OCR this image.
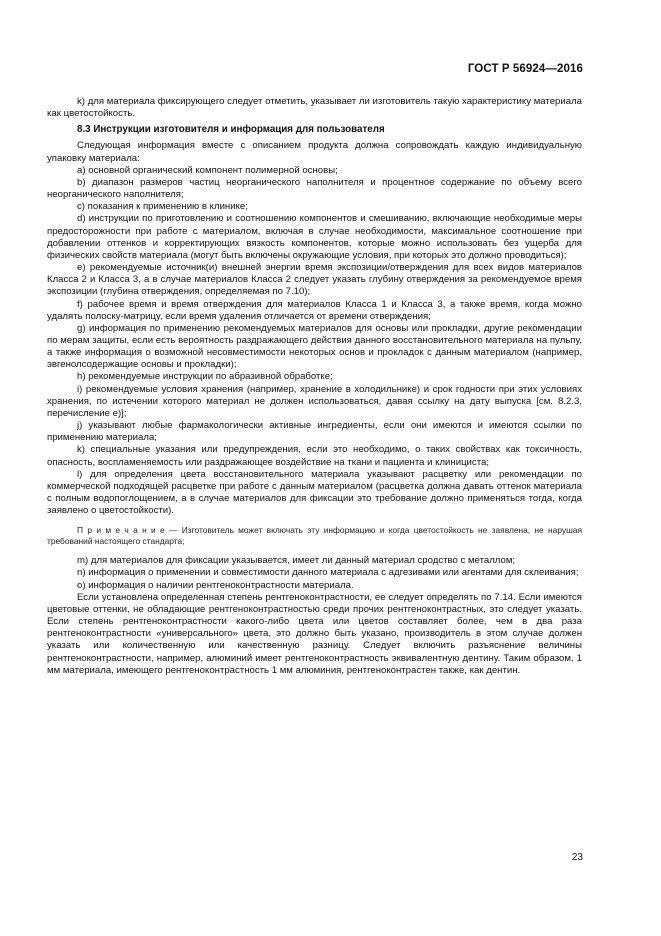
ГОСТ Р 56924—2016

k) для материала фиксирующего следует отметить, указывает ли изготовитель такую характеристику материала как цветостойкость.

8.3 Инструкции изготовителя и информация для пользователя

Следующая информация вместе с описанием продукта должна сопровождать каждую индивидуальную упаковку материала:

a) основной органический компонент полимерной основы;

b) диапазон размеров частиц неорганического наполнителя и процентное содержание по объему всего неорганического наполнителя;

c) показания к применению в клинике;

d) инструкции по приготовлению и соотношению компонентов и смешиванию, включающие необходимые меры предосторожности при работе с материалом, включая в случае необходимости, максимальное соотношение при добавлении оттенков и корректирующих вязкость компонентов, которые можно использовать без ущерба для физических свойств материала (могут быть включены окружающие условия, при которых это должно проводиться);

e) рекомендуемые источник(и) внешней энергии время экспозиции/отверждения для всех видов материалов Класса 2 и Класса 3, а в случае материалов Класса 2 следует указать глубину отверждения за рекомендуемое время экспозиции (глубина отверждения, определяемая по 7.10);

f) рабочее время и время отверждения для материалов Класса 1 и Класса 3, а также время, когда можно удалять полоску-матрицу, если время удаления отличается от времени отверждения;

g) информация по применению рекомендуемых материалов для основы или прокладки, другие рекомендации по мерам защиты, если есть вероятность раздражающего действия данного восстановительного материала на пульпу, а также информация о возможной несовместимости некоторых основ и прокладок с данным материалом (например, эвгенолсодержащие основы и прокладки);

h) рекомендуемые инструкции по абразивной обработке;

i) рекомендуемые условия хранения (например, хранение в холодильнике) и срок годности при этих условиях хранения, по истечении которого материал не должен использоваться, давая ссылку на дату выпуска [см. 8.2.3, перечисление e)];

j) указывают любые фармакологически активные ингредиенты, если они имеются и имеются ссылки по применению материала;

k) специальные указания или предупреждения, если это необходимо, о таких свойствах как токсичность, опасность, воспламеняемость или раздражающее воздействие на ткани и пациента и клинициста;

l) для определения цвета восстановительного материала указывают расцветку или рекомендации по коммерческой подходящей расцветке при работе с данным материалом (расцветка должна давать оттенок материала с полным водопоглощением, а в случае материалов для фиксации это требование должно применяться тогда, когда заявлено о цветостойкости).

П р и м е ч а н и е — Изготовитель может включать эту информацию и когда цветостойкость не заявлена, не нарушая требований настоящего стандарта;

m) для материалов для фиксации указывается, имеет ли данный материал сродство с металлом;

n) информация о применении и совместимости данного материала с адгезивами или агентами для склеивания;

o) информация о наличии рентгеноконтрастности материала.

Если установлена определенная степень рентгеноконтрастности, ее следует определять по 7.14. Если имеются цветовые оттенки, не обладающие рентгеноконтрастностью среди прочих рентгеноконтрастных, это следует указать. Если степень рентгеноконтрастности какого-либо цвета или цветов составляет более, чем в два раза рентгеноконтрастности «универсального» цвета, это должно быть указано, производитель в этом случае должен указать или количественную или качественную разницу. Следует включить разъяснение величины рентгеноконтрастности, например, алюминий имеет рентгеноконтрастность эквивалентную дентину. Таким образом, 1 мм материала, имеющего рентгеноконтрастность 1 мм алюминия, рентгеноконтрастен также, как дентин.

23
